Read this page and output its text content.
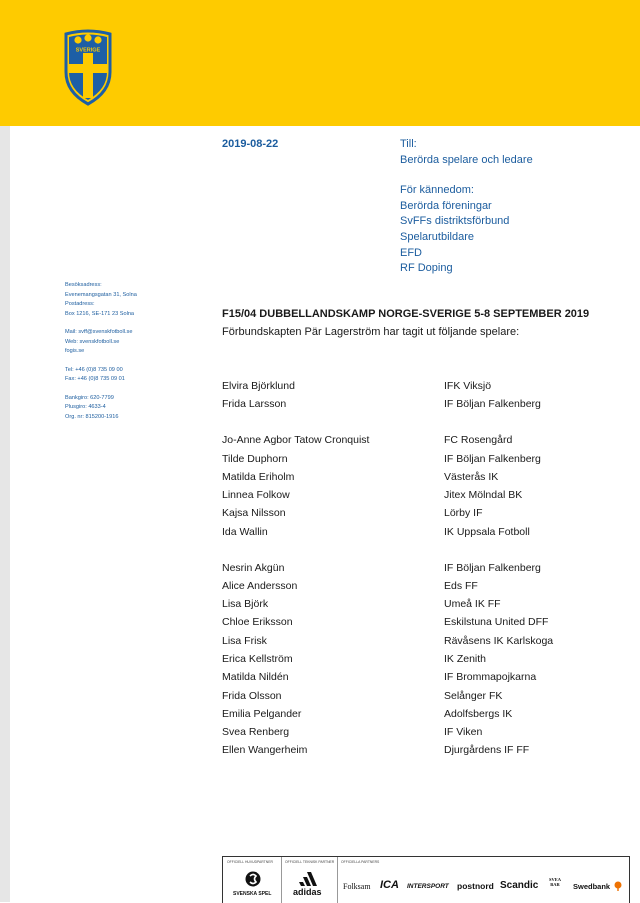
SVERIGE
2019-08-22	Till:
Berörda spelare och ledare
För kännedom:
Berörda föreningar
SvFFs distriktsförbund
Spelarutbildare
EFD
RF Doping
Besöksadress:
Evenemangsgatan 31, Solna
Postadress:
Box 1216, SE-171 23 Solna
Mail: svff@svenskfotboll.se
Web: svenskfotboll.se
fogis.se
Tel: +46 (0)8 735 09 00
Fax: +46 (0)8 735 09 01
Bankgiro: 620-7799
Plusgiro: 4633-4
Org. nr: 815200-1916
F15/04 DUBBELLANDSKAMP NORGE-SVERIGE 5-8 SEPTEMBER 2019
Förbundskapten Pär Lagerström har tagit ut följande spelare:
Elvira Björklund	IFK Viksjö
Frida Larsson	IF Böljan Falkenberg
Jo-Anne Agbor Tatow Cronquist	FC Rosengård
Tilde Duphorn	IF Böljan Falkenberg
Matilda Eriholm	Västerås IK
Linnea Folkow	Jitex Mölndal BK
Kajsa Nilsson	Lörby IF
Ida Wallin	IK Uppsala Fotboll
Nesrin Akgün	IF Böljan Falkenberg
Alice Andersson	Eds FF
Lisa Björk	Umeå IK FF
Chloe Eriksson	Eskilstuna United DFF
Lisa Frisk	Rävåsens IK Karlskoga
Erica Kellström	IK Zenith
Matilda Nildén	IF Brommapojkarna
Frida Olsson	Selånger FK
Emilia Pelgander	Adolfsbergs IK
Svea Renberg	IF Viken
Ellen Wangerheim	Djurgårdens IF FF
OFFICIELL HUVUDPARTNER
SVENSKA SPEL
OFFICIELL TEKNISK PARTNER
adidas
OFFICIELLA PARTNERS
Folksam ICA INTERSPORT postnord Scandic
SVEA BAR	Swedbank
